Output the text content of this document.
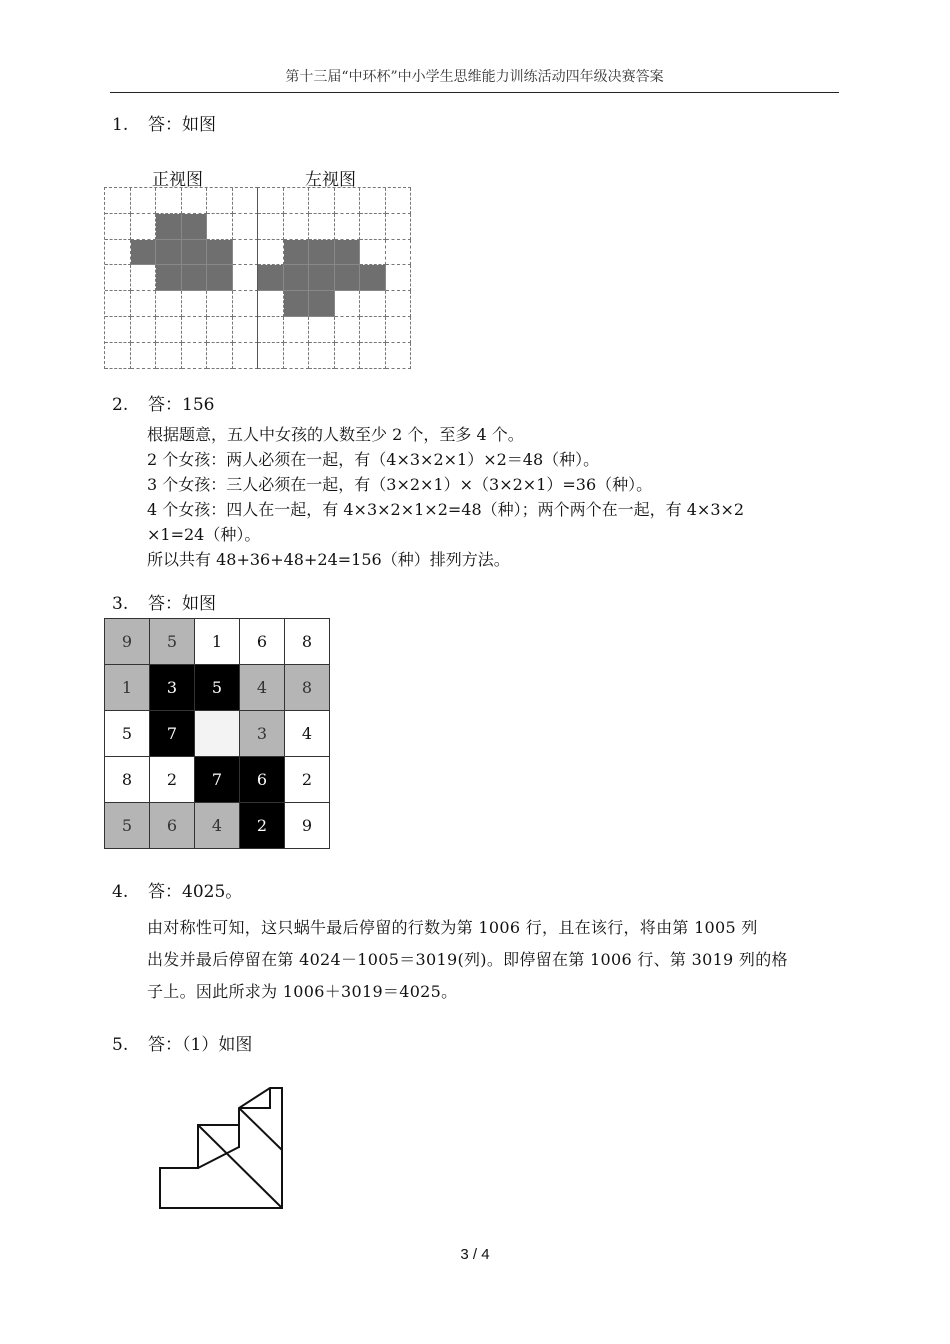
第十三届“中环杯”中小学生思维能力训练活动四年级决赛答案
1. 答：如图
正视图	左视图
2. 答：156
根据题意，五人中女孩的人数至少 2 个，至多 4 个。
2 个女孩：两人必须在一起，有（4×3×2×1）×2＝48（种）。
3 个女孩：三人必须在一起，有（3×2×1）×（3×2×1）=36（种）。
4 个女孩：四人在一起，有 4×3×2×1×2=48（种）；两个两个在一起，有 4×3×2
×1=24（种）。
所以共有 48+36+48+24=156（种）排列方法。
3. 答：如图
9	5	1	6	8
1	3	5	4	8
5	7		3	4
8	2	7	6	2
5	6	4	2	9
4. 答：4025。
由对称性可知，这只蜗牛最后停留的行数为第 1006 行，且在该行，将由第 1005 列
出发并最后停留在第 4024－1005＝3019(列)。即停留在第 1006 行、第 3019 列的格
子上。因此所求为 1006＋3019＝4025。
5. 答：（1）如图
3 / 4
